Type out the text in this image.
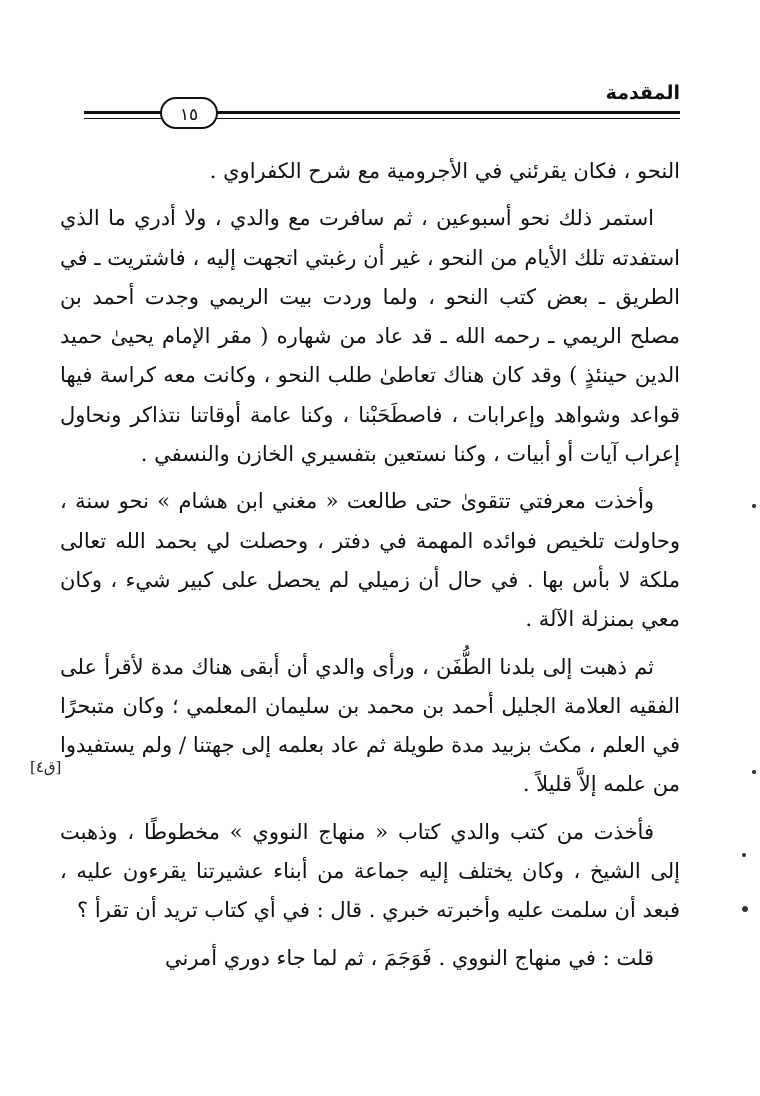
١٥
المقدمة

النحو ، فكان يقرئني في الأجرومية مع شرح الكفراوي .

استمر ذلك نحو أسبوعين ، ثم سافرت مع والدي ، ولا أدري ما الذي استفدته تلك الأيام من النحو ، غير أن رغبتي اتجهت إليه ، فاشتريت ـ في الطريق ـ بعض كتب النحو ، ولما وردت بيت الريمي وجدت أحمد بن مصلح الريمي ـ رحمه الله ـ قد عاد من شهاره ( مقر الإمام يحيىٰ حميد الدين حينئذٍ ) وقد كان هناك تعاطىٰ طلب النحو ، وكانت معه كراسة فيها قواعد وشواهد وإعرابات ، فاصطَحَبْنا ، وكنا عامة أوقاتنا نتذاكر ونحاول إعراب آيات أو أبيات ، وكنا نستعين بتفسيري الخازن والنسفي .

وأخذت معرفتي تتقوىٰ حتى طالعت « مغني ابن هشام » نحو سنة ، وحاولت تلخيص فوائده المهمة في دفتر ، وحصلت لي بحمد الله تعالى ملكة لا بأس بها . في حال أن زميلي لم يحصل على كبير شيء ، وكان معي بمنزلة الآلة .

ثم ذهبت إلى بلدنا الطُّفَن ، ورأى والدي أن أبقى هناك مدة لأقرأ على الفقيه العلامة الجليل أحمد بن محمد بن سليمان المعلمي ؛ وكان متبحرًا في العلم ، مكث بزبيد مدة طويلة ثم عاد بعلمه إلى جهتنا / ولم يستفيدوا من علمه إلاَّ قليلاً .

فأخذت من كتب والدي كتاب « منهاج النووي » مخطوطًا ، وذهبت إلى الشيخ ، وكان يختلف إليه جماعة من أبناء عشيرتنا يقرءون عليه ، فبعد أن سلمت عليه وأخبرته خبري . قال : في أي كتاب تريد أن تقرأ ؟

قلت : في منهاج النووي . فَوَجَمَ ، ثم لما جاء دوري أمرني

[ق٤]
